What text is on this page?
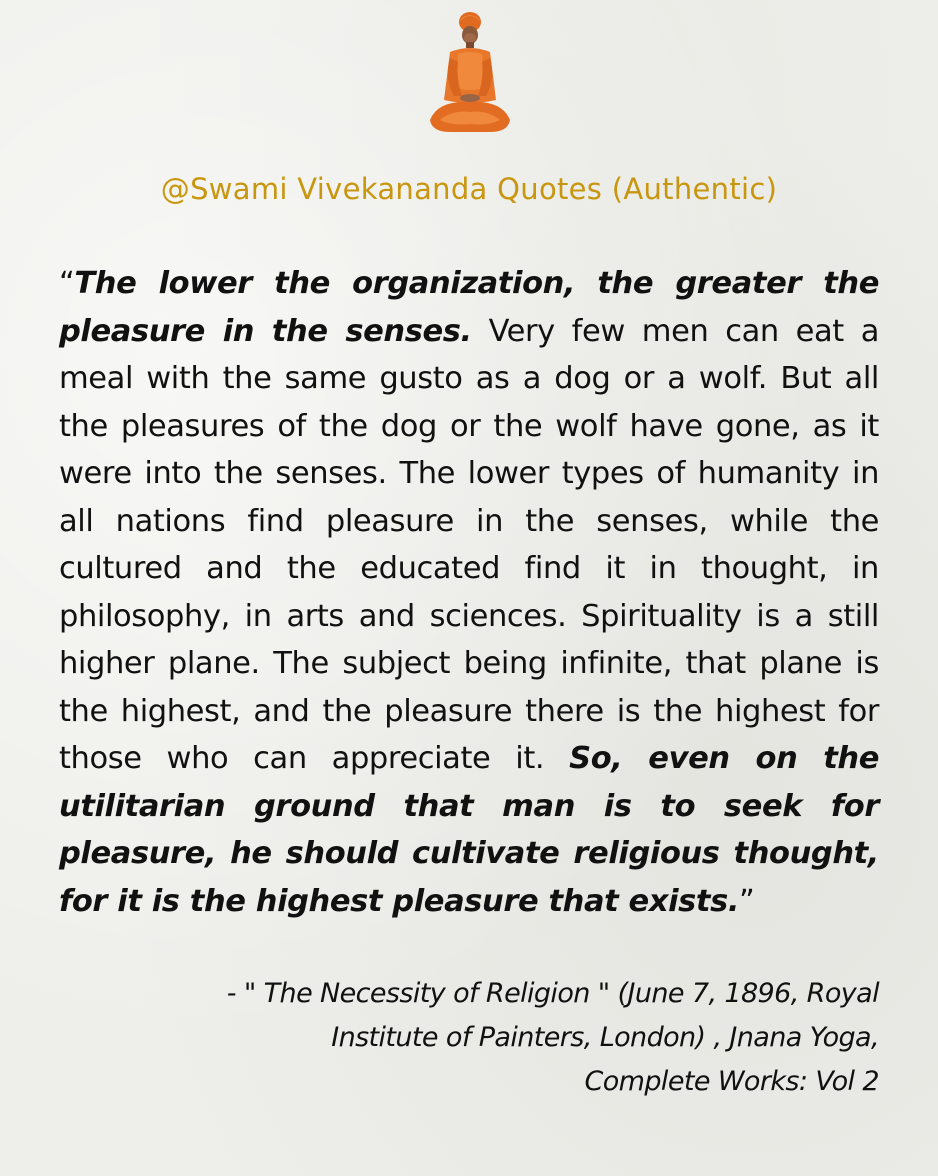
@Swami Vivekananda Quotes (Authentic)

“The lower the organization, the greater the pleasure in the senses. Very few men can eat a meal with the same gusto as a dog or a wolf. But all the pleasures of the dog or the wolf have gone, as it were into the senses. The lower types of humanity in all nations find pleasure in the senses, while the cultured and the educated find it in thought, in philosophy, in arts and sciences. Spirituality is a still higher plane. The subject being infinite, that plane is the highest, and the pleasure there is the highest for those who can appreciate it. So, even on the utilitarian ground that man is to seek for pleasure, he should cultivate religious thought, for it is the highest pleasure that exists.”

- " The Necessity of Religion " (June 7, 1896, Royal
Institute of Painters, London) , Jnana Yoga,
Complete Works: Vol 2
